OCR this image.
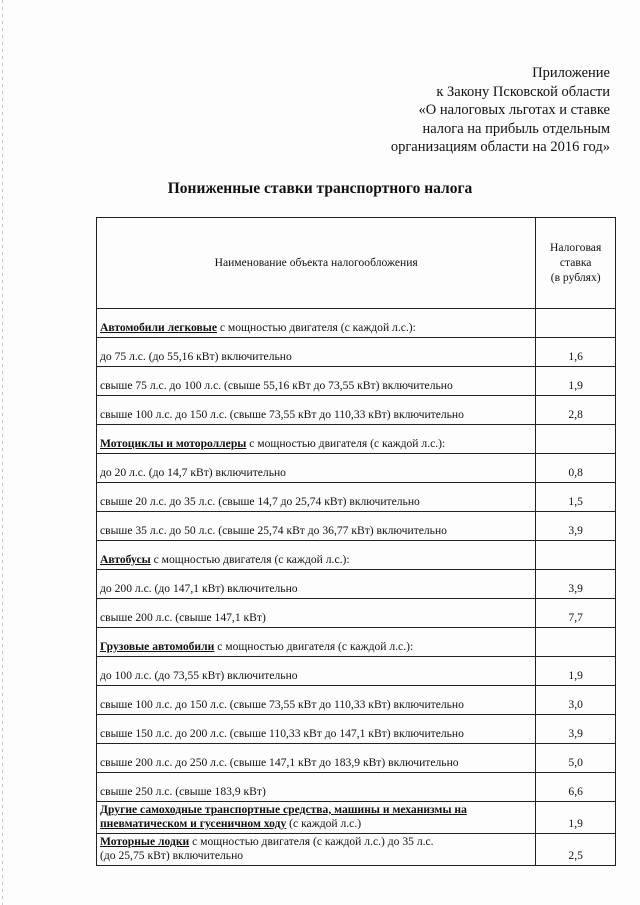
Приложение
к Закону Псковской области
«О налоговых льготах и ставке
налога на прибыль отдельным
организациям области на 2016 год»
Пониженные ставки транспортного налога
Наименование объекта налогообложения	Налоговая
ставка
(в рублях)

Автомобили легковые с мощностью двигателя (с каждой л.с.):	
до 75 л.с. (до 55,16 кВт) включительно	1,6
свыше 75 л.с. до 100 л.с. (свыше 55,16 кВт до 73,55 кВт) включительно	1,9
свыше 100 л.с. до 150 л.с. (свыше 73,55 кВт до 110,33 кВт) включительно	2,8
Мотоциклы и мотороллеры с мощностью двигателя (с каждой л.с.):	
до 20 л.с. (до 14,7 кВт) включительно	0,8
свыше 20 л.с. до 35 л.с. (свыше 14,7 до 25,74 кВт) включительно	1,5
свыше 35 л.с. до 50 л.с. (свыше 25,74 кВт до 36,77 кВт) включительно	3,9
Автобусы с мощностью двигателя (с каждой л.с.):	
до 200 л.с. (до 147,1 кВт) включительно	3,9
свыше 200 л.с. (свыше 147,1 кВт)	7,7
Грузовые автомобили с мощностью двигателя (с каждой л.с.):	
до 100 л.с. (до 73,55 кВт) включительно	1,9
свыше 100 л.с. до 150 л.с. (свыше 73,55 кВт до 110,33 кВт) включительно	3,0
свыше 150 л.с. до 200 л.с. (свыше 110,33 кВт до 147,1 кВт) включительно	3,9
свыше 200 л.с. до 250 л.с. (свыше 147,1 кВт до 183,9 кВт) включительно	5,0
свыше 250 л.с. (свыше 183,9 кВт)	6,6

Другие самоходные транспортные средства, машины и механизмы на
пневматическом и гусеничном ходу (с каждой л.с.)	1,9

Моторные лодки с мощностью двигателя (с каждой л.с.) до 35 л.с.
(до 25,75 кВт) включительно	2,5
